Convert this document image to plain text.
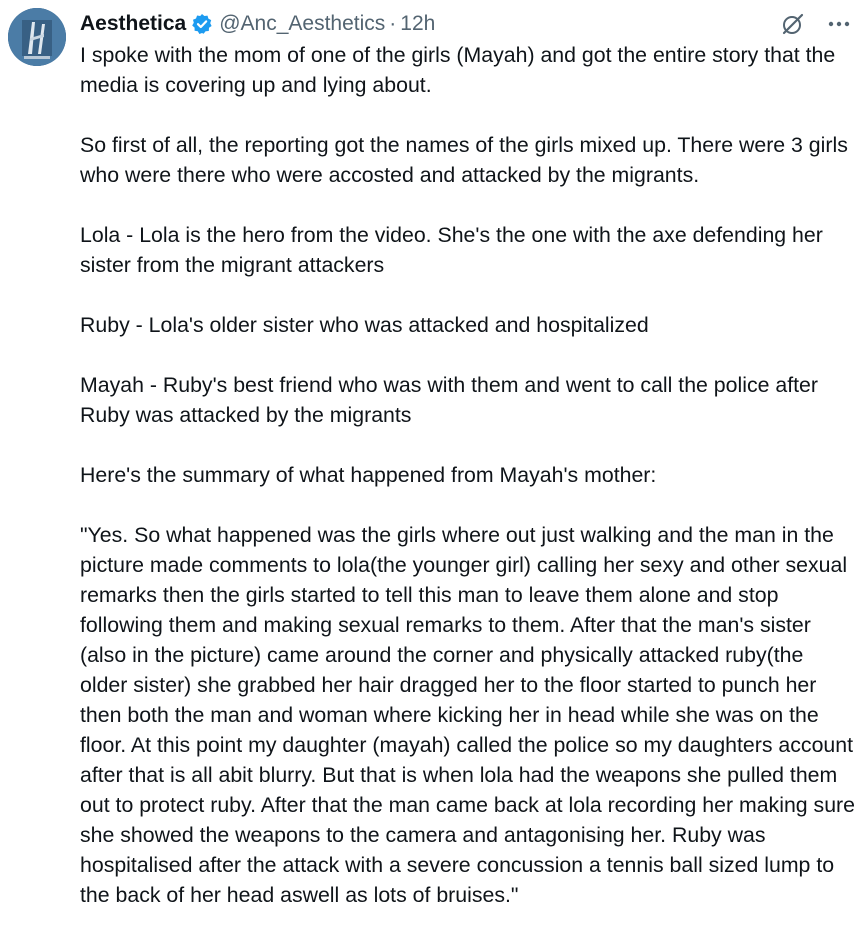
Aesthetica @Anc_Aesthetics · 12h

I spoke with the mom of one of the girls (Mayah) and got the entire story that the media is covering up and lying about.

So first of all, the reporting got the names of the girls mixed up. There were 3 girls who were there who were accosted and attacked by the migrants.

Lola - Lola is the hero from the video. She's the one with the axe defending her sister from the migrant attackers

Ruby - Lola's older sister who was attacked and hospitalized

Mayah - Ruby's best friend who was with them and went to call the police after Ruby was attacked by the migrants

Here's the summary of what happened from Mayah's mother:

"Yes. So what happened was the girls where out just walking and the man in the picture made comments to lola(the younger girl) calling her sexy and other sexual remarks then the girls started to tell this man to leave them alone and stop following them and making sexual remarks to them. After that the man's sister (also in the picture) came around the corner and physically attacked ruby(the older sister) she grabbed her hair dragged her to the floor started to punch her then both the man and woman where kicking her in head while she was on the floor. At this point my daughter (mayah) called the police so my daughters account after that is all abit blurry. But that is when lola had the weapons she pulled them out to protect ruby. After that the man came back at lola recording her making sure she showed the weapons to the camera and antagonising her. Ruby was hospitalised after the attack with a severe concussion a tennis ball sized lump to the back of her head aswell as lots of bruises."
